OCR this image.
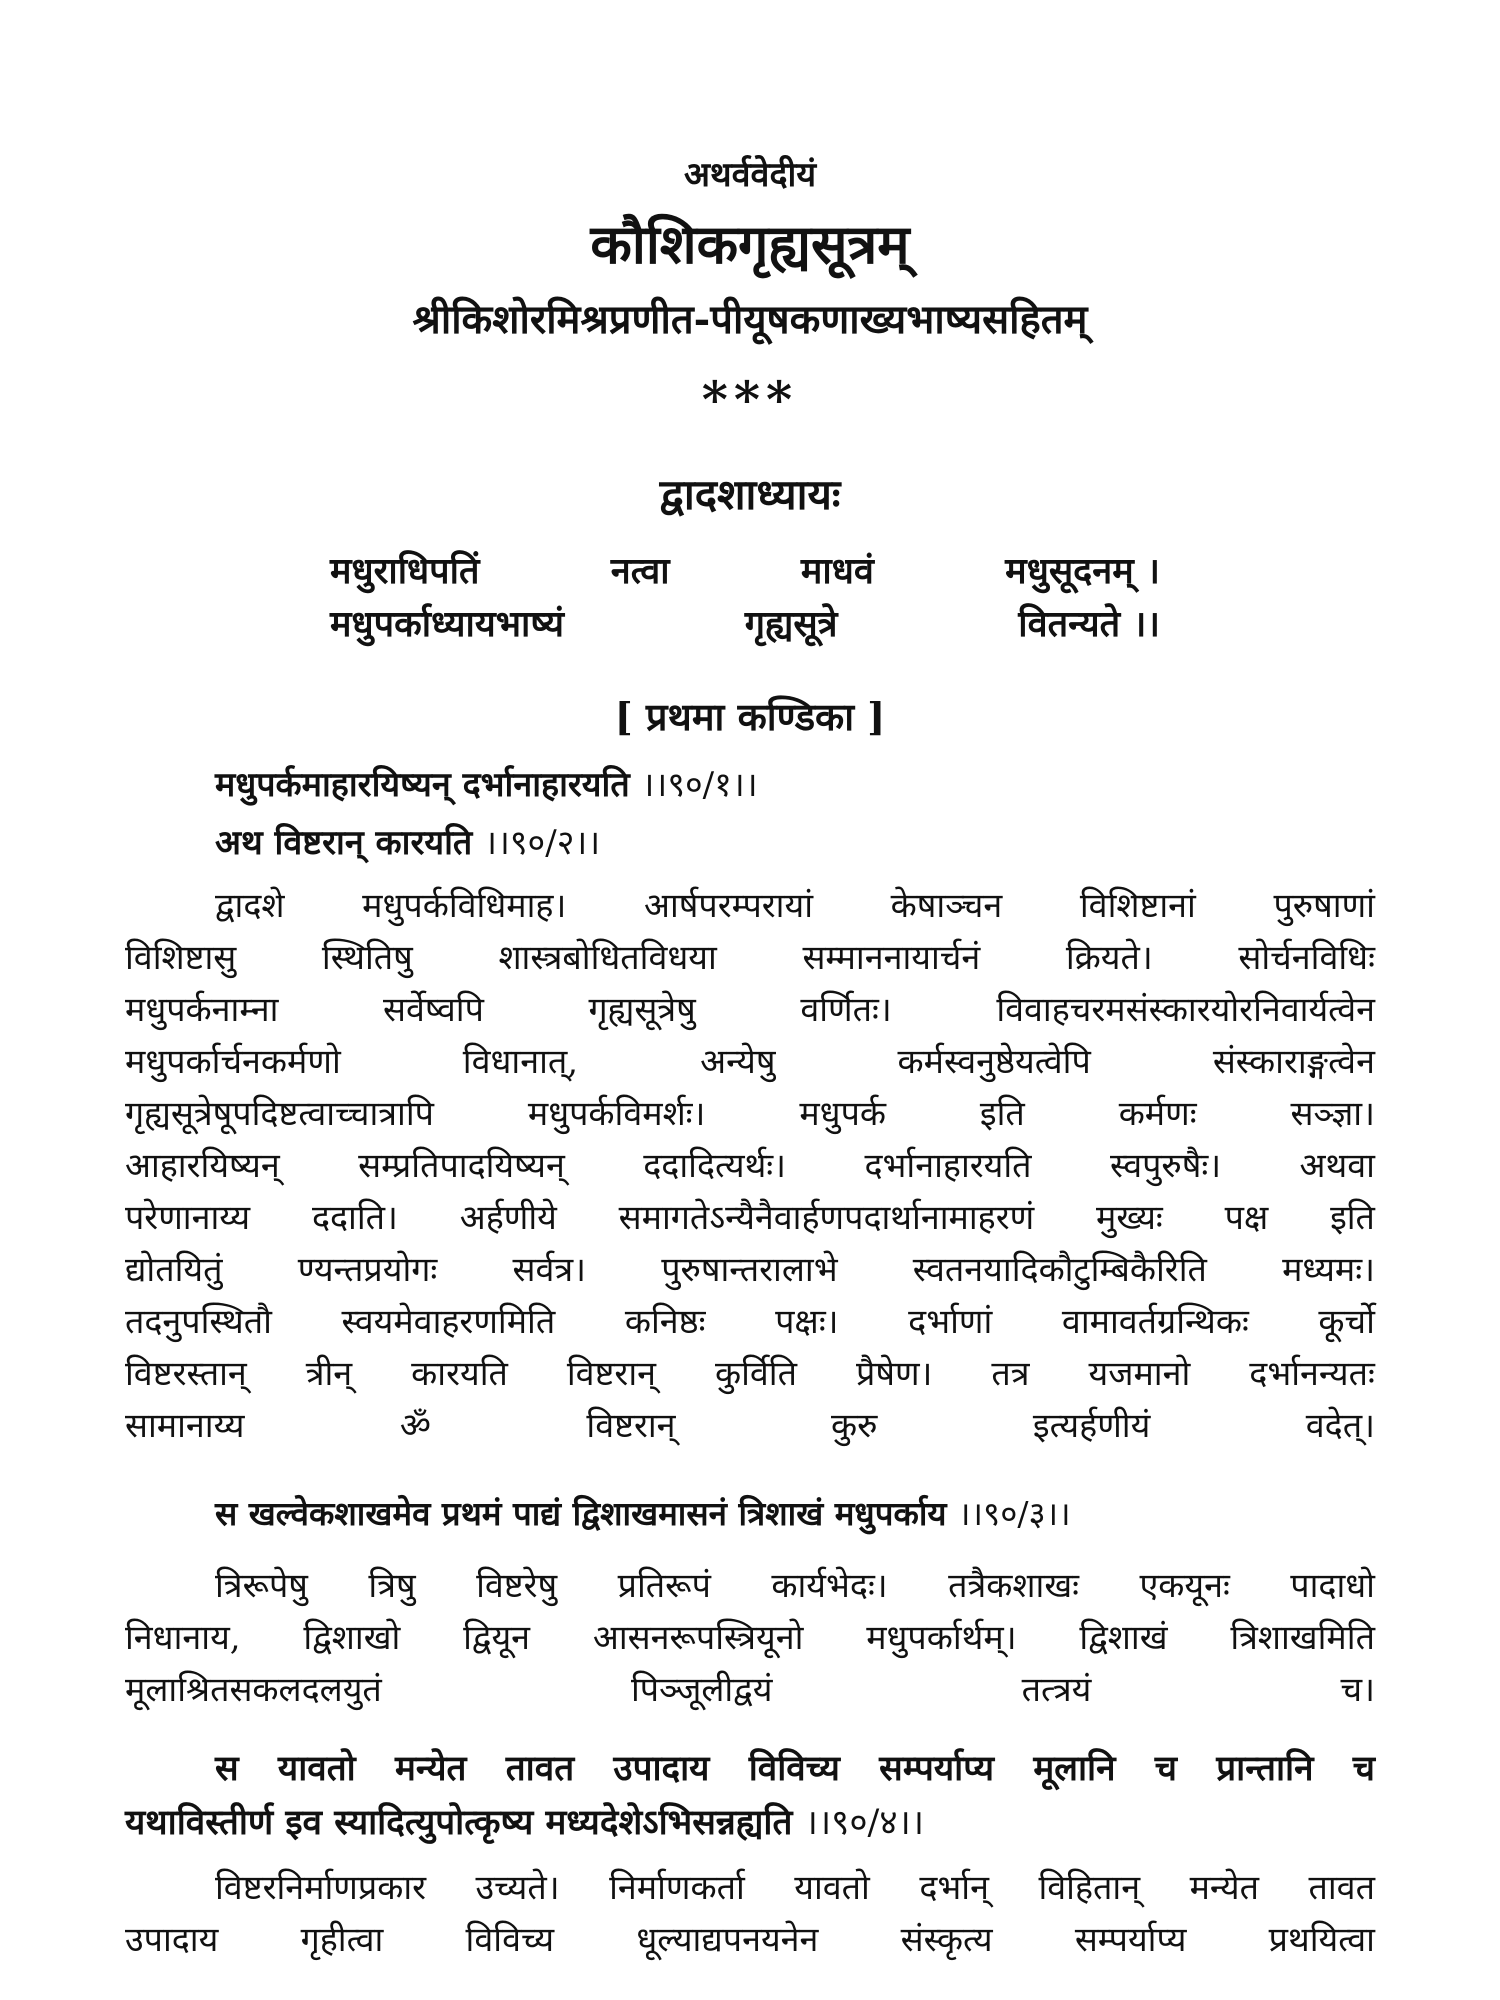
अथर्ववेदीयं
कौशिकगृह्यसूत्रम्
श्रीकिशोरमिश्रप्रणीत-पीयूषकणाख्यभाष्यसहितम्
***
द्वादशाध्यायः
मधुराधिपतिं	नत्वा	माधवं	मधुसूदनम् ।
मधुपर्काध्यायभाष्यं	गृह्यसूत्रे	वितन्यते ।।
[ प्रथमा कण्डिका ]
मधुपर्कमाहारयिष्यन् दर्भानाहारयति ।।९०/१।।
अथ विष्टरान् कारयति ।।९०/२।।
द्वादशे मधुपर्कविधिमाह। आर्षपरम्परायां केषाञ्चन विशिष्टानां पुरुषाणां
विशिष्टासु	स्थितिषु	शास्त्रबोधितविधया	सम्माननायार्चनं	क्रियते।	सोर्चनविधिः
मधुपर्कनाम्ना	सर्वेष्वपि	गृह्यसूत्रेषु	वर्णितः।	विवाहचरमसंस्कारयोरनिवार्यत्वेन
मधुपर्कार्चनकर्मणो	विधानात्,	अन्येषु	कर्मस्वनुष्ठेयत्वेपि	संस्काराङ्गत्वेन
गृह्यसूत्रेषूपदिष्टत्वाच्चात्रापि	मधुपर्कविमर्शः।	मधुपर्क	इति	कर्मणः	सञ्ज्ञा।
आहारयिष्यन् सम्प्रतिपादयिष्यन् ददादित्यर्थः। दर्भानाहारयति स्वपुरुषैः। अथवा
परेणानाय्य ददाति। अर्हणीये समागतेऽन्यैनैवार्हणपदार्थानामाहरणं मुख्यः पक्ष इति
द्योतयितुं ण्यन्तप्रयोगः सर्वत्र। पुरुषान्तरालाभे स्वतनयादिकौटुम्बिकैरिति मध्यमः।
तदनुपस्थितौ स्वयमेवाहरणमिति कनिष्ठः पक्षः। दर्भाणां वामावर्तग्रन्थिकः कूर्चो
विष्टरस्तान् त्रीन् कारयति विष्टरान् कुर्विति प्रैषेण। तत्र यजमानो दर्भानन्यतः
सामानाय्य ॐ विष्टरान् कुरु इत्यर्हणीयं वदेत्।
स खल्वेकशाखमेव प्रथमं पाद्यं द्विशाखमासनं त्रिशाखं मधुपर्काय ।।९०/३।।
त्रिरूपेषु त्रिषु विष्टरेषु प्रतिरूपं कार्यभेदः। तत्रैकशाखः एकयूनः पादाधो
निधानाय, द्विशाखो द्वियून आसनरूपस्त्रियूनो मधुपर्कार्थम्। द्विशाखं त्रिशाखमिति
मूलाश्रितसकलदलयुतं पिञ्जूलीद्वयं तत्त्रयं च।
स यावतो मन्येत तावत उपादाय विविच्य सम्पर्याप्य मूलानि च प्रान्तानि च
यथाविस्तीर्ण इव स्यादित्युपोत्कृष्य मध्यदेशेऽभिसन्नह्यति ।।९०/४।।
विष्टरनिर्माणप्रकार उच्यते। निर्माणकर्ता यावतो दर्भान् विहितान् मन्येत तावत
उपादाय गृहीत्वा विविच्य धूल्याद्यपनयनेन संस्कृत्य सम्पर्याप्य प्रथयित्वा
